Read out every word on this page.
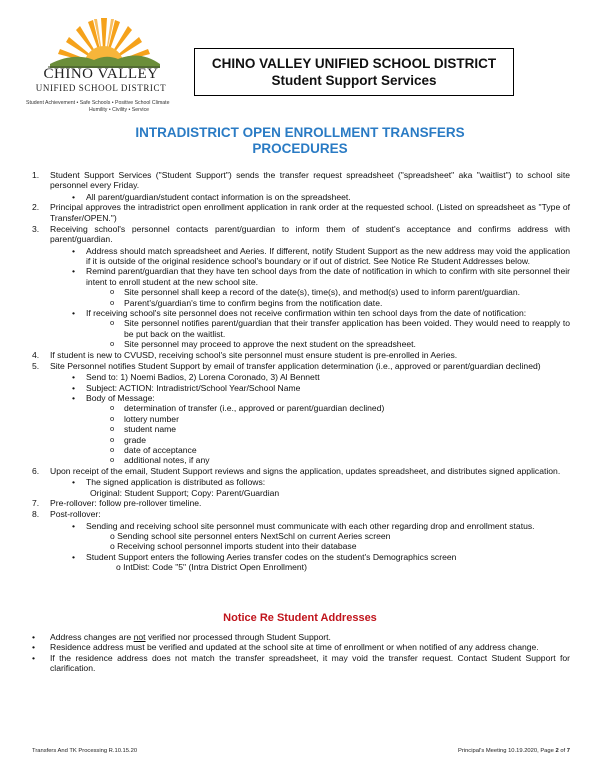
CHINO VALLEY
UNIFIED SCHOOL DISTRICT
Student Achievement • Safe Schools • Positive School Climate
Humility • Civility • Service
CHINO VALLEY UNIFIED SCHOOL DISTRICT
Student Support Services
INTRADISTRICT OPEN ENROLLMENT TRANSFERS
PROCEDURES
1. Student Support Services ("Student Support") sends the transfer request spreadsheet ("spreadsheet" aka "waitlist") to school site personnel every Friday.
• All parent/guardian/student contact information is on the spreadsheet.
2. Principal approves the intradistrict open enrollment application in rank order at the requested school. (Listed on spreadsheet as "Type of Transfer/OPEN.")
3. Receiving school's personnel contacts parent/guardian to inform them of student's acceptance and confirms address with parent/guardian.
• Address should match spreadsheet and Aeries. If different, notify Student Support as the new address may void the application if it is outside of the original residence school's boundary or if out of district. See Notice Re Student Addresses below.
• Remind parent/guardian that they have ten school days from the date of notification in which to confirm with site personnel their intent to enroll student at the new school site.
o Site personnel shall keep a record of the date(s), time(s), and method(s) used to inform parent/guardian.
o Parent's/guardian's time to confirm begins from the notification date.
• If receiving school's site personnel does not receive confirmation within ten school days from the date of notification:
o Site personnel notifies parent/guardian that their transfer application has been voided. They would need to reapply to be put back on the waitlist.
o Site personnel may proceed to approve the next student on the spreadsheet.
4. If student is new to CVUSD, receiving school's site personnel must ensure student is pre-enrolled in Aeries.
5. Site Personnel notifies Student Support by email of transfer application determination (i.e., approved or parent/guardian declined)
• Send to: 1) Noemi Badios, 2) Lorena Coronado, 3) Al Bennett
• Subject: ACTION: Intradistrict/School Year/School Name
• Body of Message:
o determination of transfer (i.e., approved or parent/guardian declined)
o lottery number
o student name
o grade
o date of acceptance
o additional notes, if any
6. Upon receipt of the email, Student Support reviews and signs the application, updates spreadsheet, and distributes signed application.
• The signed application is distributed as follows:
Original: Student Support; Copy: Parent/Guardian
7. Pre-rollover: follow pre-rollover timeline.
8. Post-rollover:
• Sending and receiving school site personnel must communicate with each other regarding drop and enrollment status.
o Sending school site personnel enters NextSchl on current Aeries screen
o Receiving school personnel imports student into their database
• Student Support enters the following Aeries transfer codes on the student's Demographics screen
o IntDist: Code "5" (Intra District Open Enrollment)
Notice Re Student Addresses
• Address changes are not verified nor processed through Student Support.
• Residence address must be verified and updated at the school site at time of enrollment or when notified of any address change.
• If the residence address does not match the transfer spreadsheet, it may void the transfer request. Contact Student Support for clarification.
Transfers And TK Processing R.10.15.20	Principal's Meeting 10.19.2020, Page 2 of 7
